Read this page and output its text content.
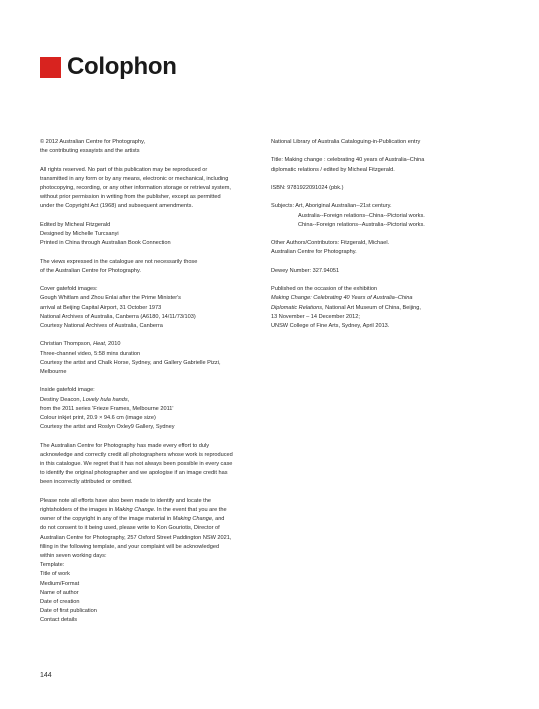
Colophon
© 2012 Australian Centre for Photography,
the contributing essayists and the artists
All rights reserved. No part of this publication may be reproduced or
transmitted in any form or by any means, electronic or mechanical, including
photocopying, recording, or any other information storage or retrieval system,
without prior permission in writing from the publisher, except as permitted
under the Copyright Act (1968) and subsequent amendments.
Edited by Micheal Fitzgerald
Designed by Michelle Turcsanyi
Printed in China through Australian Book Connection
The views expressed in the catalogue are not necessarily those
of the Australian Centre for Photography.
Cover gatefold images:
Gough Whitlam and Zhou Enlai after the Prime Minister's
arrival at Beijing Capital Airport, 31 October 1973
National Archives of Australia, Canberra (A6180, 14/11/73/103)
Courtesy National Archives of Australia, Canberra
Christian Thompson, Heat, 2010
Three-channel video, 5:58 mins duration
Courtesy the artist and Chalk Horse, Sydney, and Gallery Gabrielle Pizzi,
Melbourne
Inside gatefold image:
Destiny Deacon, Lovely hula hands,
from the 2011 series 'Frieze Frames, Melbourne 2011'
Colour inkjet print, 20.9 × 94.6 cm (image size)
Courtesy the artist and Roslyn Oxley9 Gallery, Sydney
The Australian Centre for Photography has made every effort to duly
acknowledge and correctly credit all photographers whose work is reproduced
in this catalogue. We regret that it has not always been possible in every case
to identify the original photographer and we apologise if an image credit has
been incorrectly attributed or omitted.
Please note all efforts have also been made to identify and locate the
rightsholders of the images in Making Change. In the event that you are the
owner of the copyright in any of the image material in Making Change, and
do not consent to it being used, please write to Kon Gouriotis, Director of
Australian Centre for Photography, 257 Oxford Street Paddington NSW 2021,
filling in the following template, and your complaint will be acknowledged
within seven working days:
Template:
Title of work
Medium/Format
Name of author
Date of creation
Date of first publication
Contact details
National Library of Australia Cataloguing-in-Publication entry
Title: Making change : celebrating 40 years of Australia–China
diplomatic relations / edited by Micheal Fitzgerald.
ISBN: 9781922091024 (pbk.)
Subjects: Art, Aboriginal Australian--21st century.
Australia--Foreign relations--China--Pictorial works.
China--Foreign relations--Australia--Pictorial works.
Other Authors/Contributors: Fitzgerald, Michael.
Australian Centre for Photography.
Dewey Number: 327.94051
Published on the occasion of the exhibition
Making Change: Celebrating 40 Years of Australia–China
Diplomatic Relations, National Art Museum of China, Beijing,
13 November – 14 December 2012;
UNSW College of Fine Arts, Sydney, April 2013.
144
